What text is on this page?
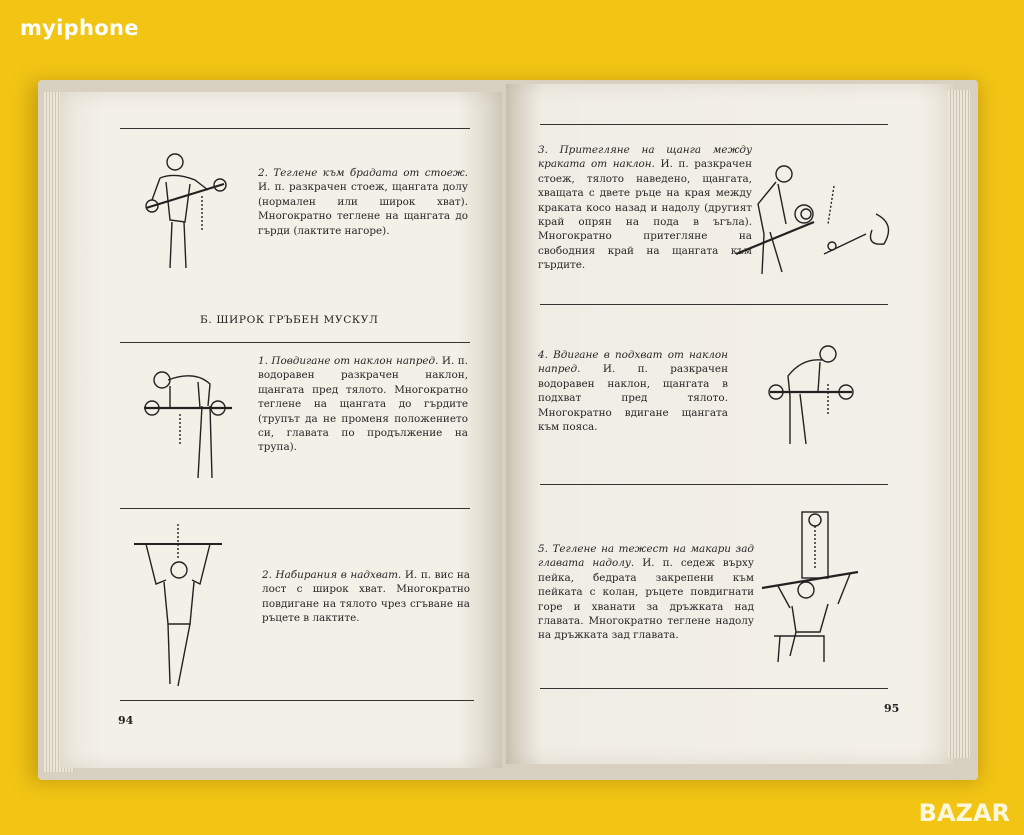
2. Теглене към брадата от стоеж. И. п. разкрачен стоеж, щангата долу (нормален или широк хват). Многократно теглене на щангата до гърди (лактите нагоре).
Б. ШИРОК ГРЪБЕН МУСКУЛ
1. Повдигане от наклон напред. И. п. водоравен разкрачен наклон, щангата пред тялото. Многократно теглене на щангата до гърдите (трупът да не променя положението си, главата по продължение на трупа).
2. Набирания в надхват. И. п. вис на лост с широк хват. Многократно повдигане на тялото чрез сгъване на ръцете в лактите.
94
3. Притегляне на щанга между краката от наклон. И. п. разкрачен стоеж, тялото наведено, щангата, хващата с двете ръце на края между краката косо назад и надолу (другият край опрян на пода в ъгъла). Многократно притегляне на свободния край на щангата към гърдите.
4. Вдигане в подхват от наклон напред. И. п. разкрачен водоравен наклон, щангата в подхват пред тялото. Многократно вдигане щангата към пояса.
5. Теглене на тежест на макари зад главата надолу. И. п. седеж върху пейка, бедрата закрепени към пейката с колан, ръцете повдигнати горе и хванати за дръжката над главата. Многократно теглене надолу на дръжката зад главата.
95
myiphone
BAZAR
